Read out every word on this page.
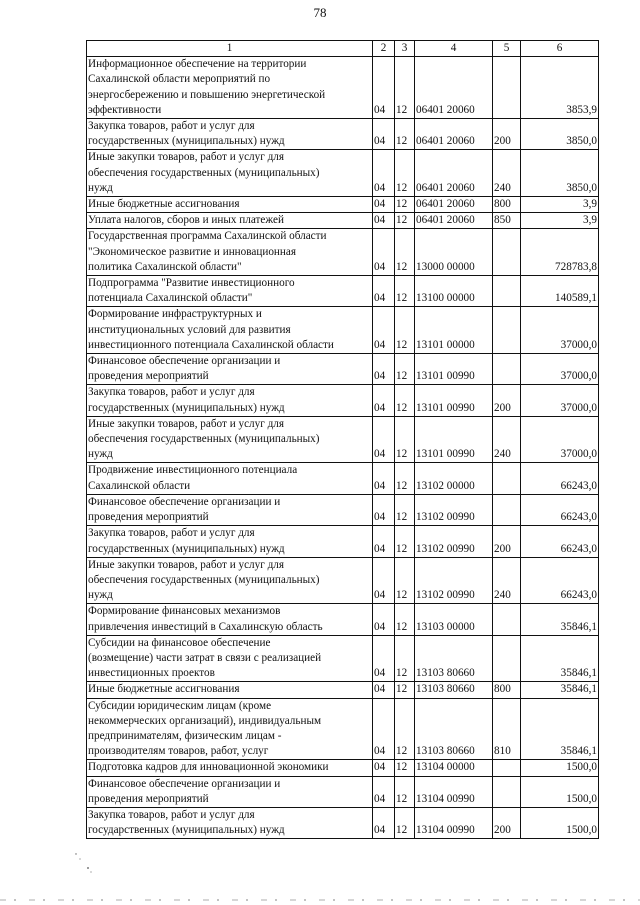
78
1	2	3	4	5	6

Информационное обеспечение на территории
Сахалинской области мероприятий по
энергосбережению и повышению энергетической
эффективности	04	12	06401 20060		3853,9

Закупка товаров, работ и услуг для
государственных (муниципальных) нужд	04	12	06401 20060	200	3850,0

Иные закупки товаров, работ и услуг для
обеспечения государственных (муниципальных)
нужд	04	12	06401 20060	240	3850,0

Иные бюджетные ассигнования	04	12	06401 20060	800	3,9

Уплата налогов, сборов и иных платежей	04	12	06401 20060	850	3,9

Государственная программа Сахалинской области
"Экономическое развитие и инновационная
политика Сахалинской области"	04	12	13000 00000		728783,8

Подпрограмма "Развитие инвестиционного
потенциала Сахалинской области"	04	12	13100 00000		140589,1

Формирование инфраструктурных и
институциональных условий для развития
инвестиционного потенциала Сахалинской области	04	12	13101 00000		37000,0

Финансовое обеспечение организации и
проведения мероприятий	04	12	13101 00990		37000,0

Закупка товаров, работ и услуг для
государственных (муниципальных) нужд	04	12	13101 00990	200	37000,0

Иные закупки товаров, работ и услуг для
обеспечения государственных (муниципальных)
нужд	04	12	13101 00990	240	37000,0

Продвижение инвестиционного потенциала
Сахалинской области	04	12	13102 00000		66243,0

Финансовое обеспечение организации и
проведения мероприятий	04	12	13102 00990		66243,0

Закупка товаров, работ и услуг для
государственных (муниципальных) нужд	04	12	13102 00990	200	66243,0

Иные закупки товаров, работ и услуг для
обеспечения государственных (муниципальных)
нужд	04	12	13102 00990	240	66243,0

Формирование финансовых механизмов
привлечения инвестиций в Сахалинскую область	04	12	13103 00000		35846,1

Субсидии на финансовое обеспечение
(возмещение) части затрат в связи с реализацией
инвестиционных проектов	04	12	13103 80660		35846,1

Иные бюджетные ассигнования	04	12	13103 80660	800	35846,1

Субсидии юридическим лицам (кроме
некоммерческих организаций), индивидуальным
предпринимателям, физическим лицам -
производителям товаров, работ, услуг	04	12	13103 80660	810	35846,1

Подготовка кадров для инновационной экономики	04	12	13104 00000		1500,0

Финансовое обеспечение организации и
проведения мероприятий	04	12	13104 00990		1500,0

Закупка товаров, работ и услуг для
государственных (муниципальных) нужд	04	12	13104 00990	200	1500,0
